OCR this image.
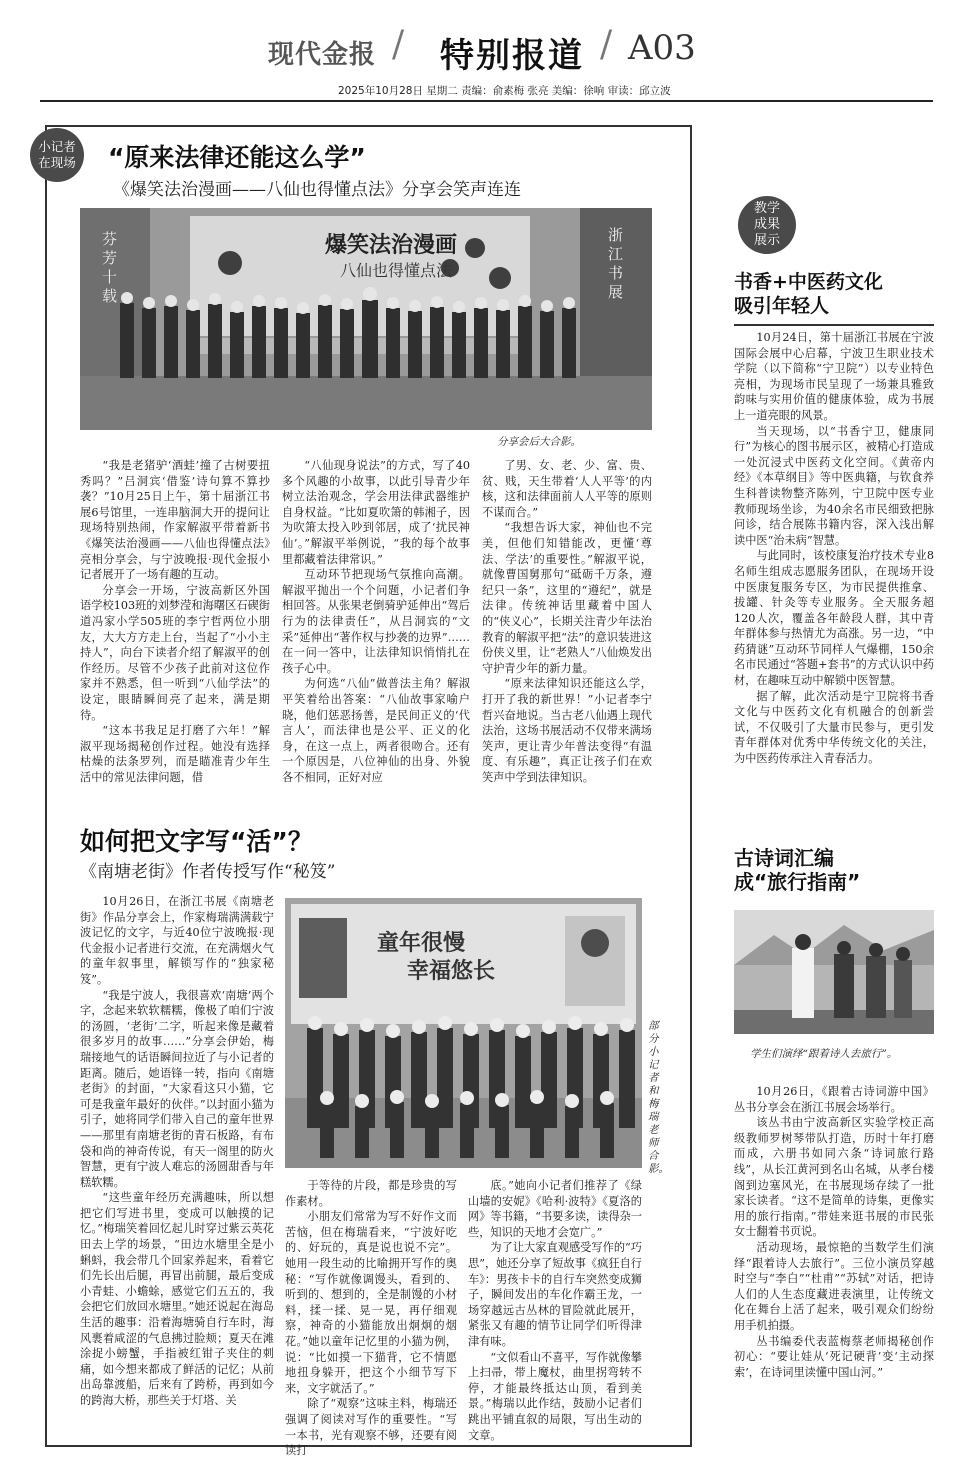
现代金报 / 特别报道 / A03
2025年10月28日 星期二 责编：俞素梅 张亮 美编：徐响 审读：邱立波
小记者
在现场 “原来法律还能这么学”
《爆笑法治漫画——八仙也得懂点法》分享会笑声连连
爆笑法治漫画
八仙也得懂点法
芬芳十载
浙江书展
分享会后大合影。

“我是老猪驴‘酒蛙’撞了古树要扭秀吗？”吕洞宾‘借鉴’诗句算不算抄袭？”10月25日上午，第十届浙江书展6号馆里，一连串脑洞大开的提问让现场特别热闹，作家解淑平带着新书《爆笑法治漫画——八仙也得懂点法》亮相分享会，与宁波晚报·现代金报小记者展开了一场有趣的互动。

分享会一开场，宁波高新区外国语学校103班的刘梦滢和海曙区石碶街道冯家小学505班的李宁哲两位小朋友，大大方方走上台，当起了“小小主持人”，向台下读者介绍了解淑平的创作经历。尽管不少孩子此前对这位作家并不熟悉，但一听到“八仙学法”的设定，眼睛瞬间亮了起来，满是期待。

“这本书我足足打磨了六年！”解淑平现场揭秘创作过程。她没有选择枯燥的法条罗列，而是瞄准青少年生活中的常见法律问题，借

“八仙现身说法”的方式，写了40多个风趣的小故事，以此引导青少年树立法治观念，学会用法律武器维护自身权益。“比如夏吹箫的韩湘子，因为吹箫太投入吵到邻居，成了‘扰民神仙’。”解淑平举例说，“我的每个故事里都藏着法律常识。”

互动环节把现场气氛推向高潮。解淑平抛出一个个问题，小记者们争相回答。从张果老倒骑驴延伸出“驾后行为的法律责任”，从吕洞宾的“文采”延伸出“著作权与抄袭的边界”……在一问一答中，让法律知识悄悄扎在孩子心中。

为何选“八仙”做普法主角？解淑平笑着给出答案：“八仙故事家喻户晓，他们惩恶扬善，是民间正义的‘代言人’，而法律也是公平、正义的化身，在这一点上，两者很吻合。还有一个原因是，八位神仙的出身、外貌各不相同，正好对应

了男、女、老、少、富、贵、贫、贱，天生带着‘人人平等’的内核，这和法律面前人人平等的原则不谋而合。”

“我想告诉大家，神仙也不完美，但他们知错能改，更懂‘尊法、学法’的重要性。”解淑平说，就像曹国舅那句“砥砺千万条，遵纪只一条”，这里的“遵纪”，就是法律。传统神话里藏着中国人的“侠义心”，长期关注青少年法治教育的解淑平把“法”的意识装进这份侠义里，让“老熟人”八仙焕发出守护青少年的新力量。

“原来法律知识还能这么学，打开了我的新世界！”小记者李宁哲兴奋地说。当古老八仙遇上现代法治，这场书展活动不仅带来满场笑声，更让青少年普法变得“有温度、有乐趣”，真正让孩子们在欢笑声中学到法律知识。

如何把文字写“活”？
《南塘老街》作者传授写作“秘笈”

10月26日，在浙江书展《南塘老街》作品分享会上，作家梅瑞满满载宁波记忆的文字，与近40位宁波晚报·现代金报小记者进行交流，在充满烟火气的童年叙事里，解锁写作的“独家秘笈”。

“我是宁波人，我很喜欢‘南塘’两个字，念起来软软糯糯，像极了咱们宁波的汤圆，‘老街’二字，听起来像是藏着很多岁月的故事……”分享会伊始，梅瑞接地气的话语瞬间拉近了与小记者的距离。随后，她语锋一转，指向《南塘老街》的封面，“大家看这只小猫，它可是我童年最好的伙伴。”以封面小猫为引子，她将同学们带入自己的童年世界——那里有南塘老街的青石板路，有布袋和尚的神奇传说，有天一阁里的防火智慧，更有宁波人难忘的汤圆甜香与年糕软糯。

“这些童年经历充满趣味，所以想把它们写进书里，变成可以触摸的记忆。”梅瑞笑着回忆起儿时穿过紫云英花田去上学的场景，“田边水塘里全是小蝌蚪，我会带几个回家养起来，看着它们先长出后腿，再冒出前腿，最后变成小青蛙、小蟾蜍，感觉它们五五的，我会把它们放回水塘里。”她还说起在海岛生活的趣事：沿着海塘骑自行车时，海风裹着咸涩的气息拂过脸颊；夏天在滩涂捉小螃蟹，手指被红钳子夹住的刺痛，如今想来都成了鲜活的记忆；从前出岛靠渡船，后来有了跨桥，再到如今的跨海大桥，那些关于灯塔、关

童年很慢
幸福悠长
部分小记者和梅瑞老师合影。

于等待的片段，都是珍贵的写作素材。

小朋友们常常为写不好作文而苦恼，但在梅瑞看来，“宁波好吃的、好玩的，真是说也说不完”。她用一段生动的比喻拥开写作的奥秘：“写作就像调馒头，看到的、听到的、想到的，全是制馒的小材料，揉一揉、晃一晃，再仔细观察，神奇的小猫能放出炯炯的烟花。”她以童年记忆里的小猫为例，说：“比如摸一下猫背，它不情愿地扭身躲开，把这个小细节写下来，文字就活了。”

除了“观察”这味主料，梅瑞还强调了阅读对写作的重要性。“写一本书，光有观察不够，还要有阅读打

底。”她向小记者们推荐了《绿山墙的安妮》《哈利·波特》《夏洛的网》等书籍，“书要多读，读得杂一些，知识的天地才会宽广。”

为了让大家直观感受写作的“巧思”，她还分享了短故事《疯狂自行车》：男孩卡卡的自行车突然变成狮子，瞬间发出的车化作霸王龙，一场穿越远古丛林的冒险就此展开，紧张又有趣的情节让同学们听得津津有味。

“文似看山不喜平，写作就像攀上扫帚，带上魔杖，曲里拐弯转不停，才能最终抵达山顶，看到美景。”梅瑞以此作结，鼓励小记者们跳出平铺直叙的局限，写出生动的文章。

教学
成果
展示
书香+中医药文化
吸引年轻人

10月24日，第十届浙江书展在宁波国际会展中心启幕，宁波卫生职业技术学院（以下简称“宁卫院”）以专业特色亮相，为现场市民呈现了一场兼具雅致韵味与实用价值的健康体验，成为书展上一道亮眼的风景。

当天现场，以“书香宁卫，健康同行”为核心的图书展示区，被精心打造成一处沉浸式中医药文化空间。《黄帝内经》《本草纲目》等中医典籍，与钦食养生科普读物整齐陈列，宁卫院中医专业教师现场坐诊，为40余名市民细致把脉问诊，结合展陈书籍内容，深入浅出解读中医“治未病”智慧。

与此同时，该校康复治疗技术专业8名师生组成志愿服务团队，在现场开设中医康复服务专区，为市民提供推拿、拔罐、针灸等专业服务。全天服务超120人次，覆盖各年龄段人群，其中青年群体参与热情尤为高涨。另一边，“中药猜谜”互动环节同样人气爆棚，150余名市民通过“答题+套书”的方式认识中药材，在趣味互动中解锁中医智慧。

据了解，此次活动是宁卫院将书香文化与中医药文化有机融合的创新尝试，不仅吸引了大量市民参与，更引发青年群体对优秀中华传统文化的关注，为中医药传承注入青春活力。

古诗词汇编
成“旅行指南”
学生们演绎“跟着诗人去旅行”。

10月26日，《跟着古诗词游中国》丛书分享会在浙江书展会场举行。

该丛书由宁波高新区实验学校正高级教师罗树琴带队打造，历时十年打磨而成，六册书如同六条“诗词旅行路线”，从长江黄河到名山名城，从孝台楼阁到边塞风光，在书展现场存续了一批家长读者。“这不是简单的诗集，更像实用的旅行指南。”带娃来逛书展的市民张女士翻着书页说。

活动现场，最惊艳的当数学生们演绎“跟着诗人去旅行”。三位小演员穿越时空与“李白”“杜甫”“苏轼”对话，把诗人们的人生态度藏进表演里，让传统文化在舞台上活了起来，吸引观众们纷纷用手机拍摄。

丛书编委代表蓝梅蔡老师揭秘创作初心：“要让娃从‘死记硬背’变‘主动探索’，在诗词里读懂中国山河。”
